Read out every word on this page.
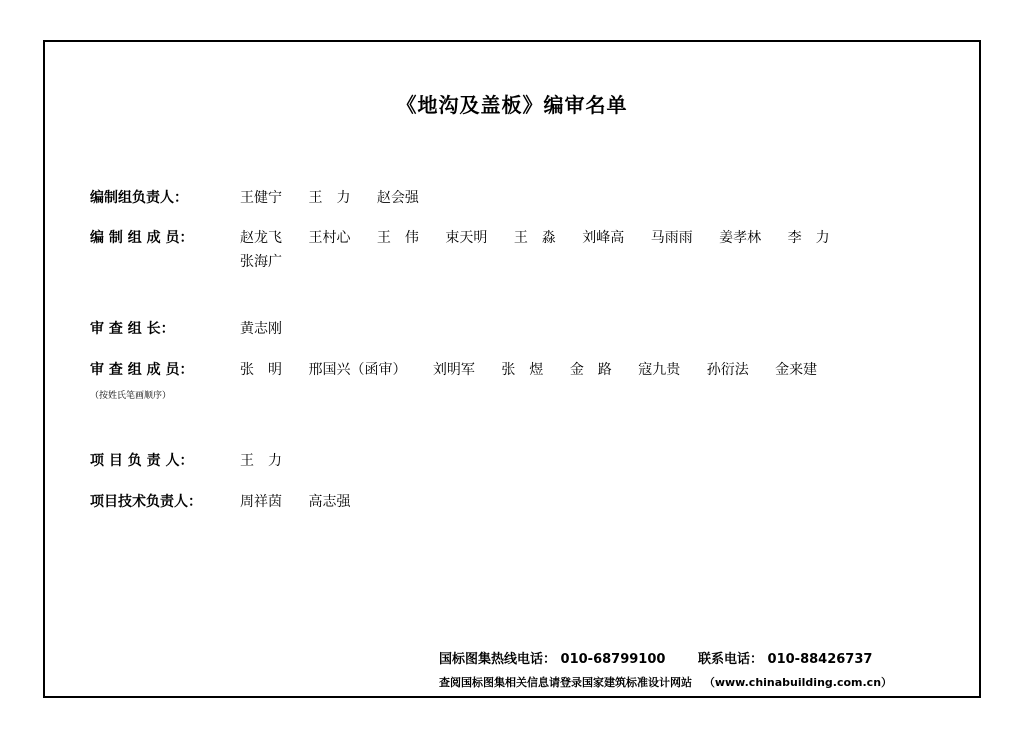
《地沟及盖板》编审名单
编制组负责人：	王健宁 王　力 赵会强
编 制 组 成 员：	赵龙飞 王村心 王　伟 束天明 王　淼 刘峰高 马雨雨 姜孝林 李　力
张海广
审 查 组 长：	黄志刚
审 查 组 成 员：	张　明 邢国兴（函审） 刘明军 张　煜 金　路 寇九贵 孙衍法 金来建
（按姓氏笔画顺序）
项 目 负 责 人：	王　力
项目技术负责人：	周祥茵 高志强
国标图集热线电话： 010-68799100	联系电话： 010-88426737
查阅国标图集相关信息请登录国家建筑标准设计网站 （www.chinabuilding.com.cn）
